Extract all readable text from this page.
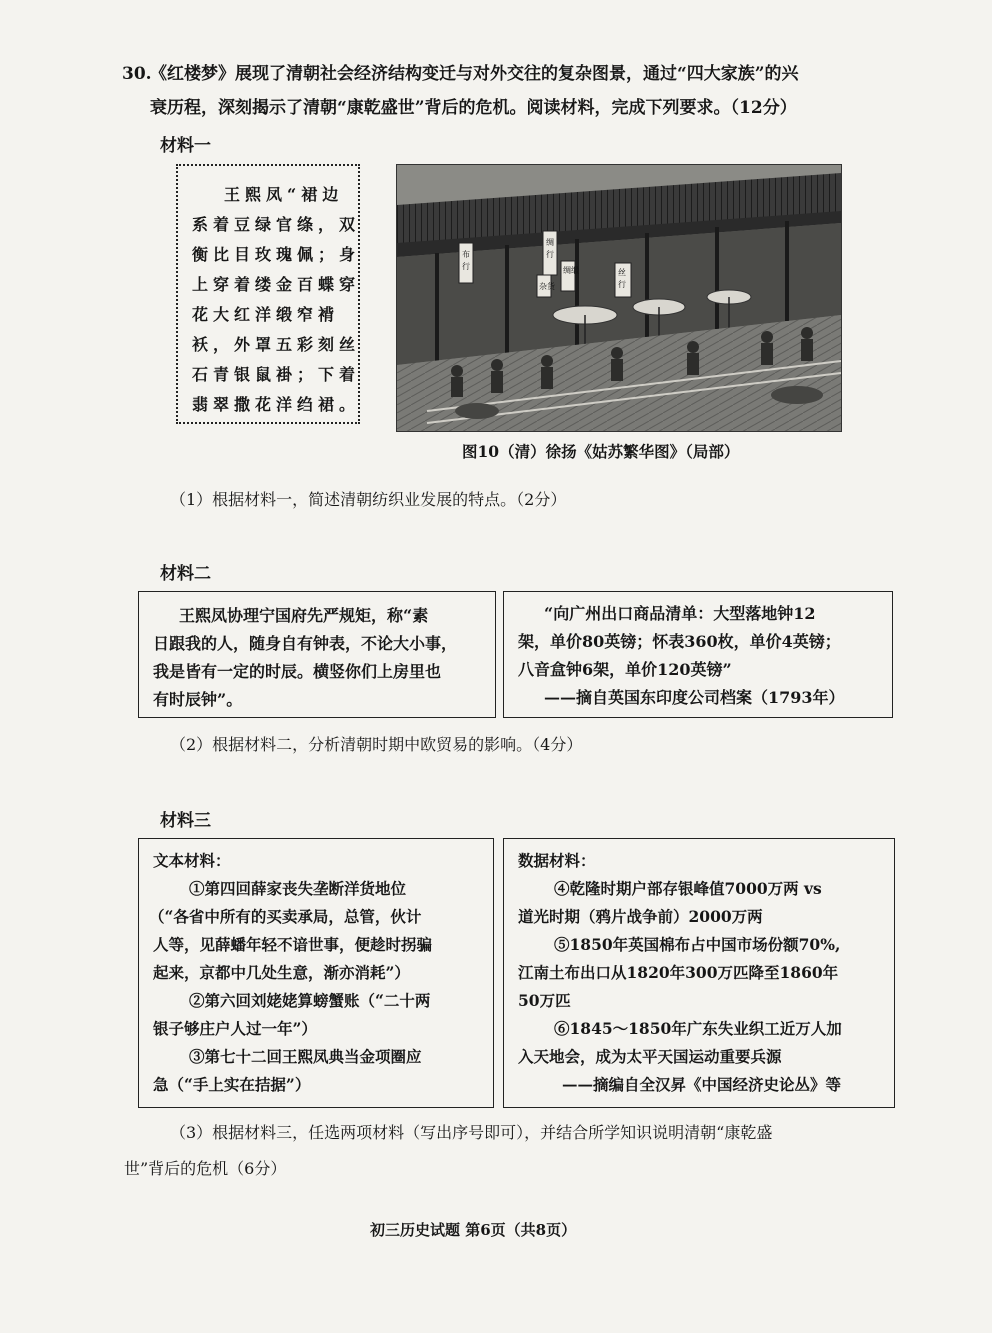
30.
《红楼梦》展现了清朝社会经济结构变迁与对外交往的复杂图景，通过“四大家族”的兴
衰历程，深刻揭示了清朝“康乾盛世”背后的危机。阅读材料，完成下列要求。（12分）
材料一
王熙凤“裙边
系着豆绿官绦，双
衡比目玫瑰佩；身
上穿着缕金百蝶穿
花大红洋缎窄褙
袄，外罩五彩刻丝
石青银鼠褂；下着
翡翠撒花洋绉裙。
布
行
绸
行
绸缎
杂货
丝
行
图10（清）徐扬《姑苏繁华图》（局部）
（1）根据材料一，简述清朝纺织业发展的特点。（2分）
材料二
王熙凤协理宁国府先严规矩，称“素
日跟我的人，随身自有钟表，不论大小事，
我是皆有一定的时辰。横竖你们上房里也
有时辰钟”。
“向广州出口商品清单：大型落地钟12
架，单价80英镑；怀表360枚，单价4英镑；
八音盒钟6架，单价120英镑”
——摘自英国东印度公司档案（1793年）
（2）根据材料二，分析清朝时期中欧贸易的影响。（4分）
材料三
文本材料：
①第四回薛家丧失垄断洋货地位
（“各省中所有的买卖承局，总管，伙计
人等，见薛蟠年轻不谙世事，便趁时拐骗
起来，京都中几处生意，渐亦消耗”）
②第六回刘姥姥算螃蟹账（“二十两
银子够庄户人过一年”）
③第七十二回王熙凤典当金项圈应
急（“手上实在拮据”）
数据材料：
④乾隆时期户部存银峰值7000万两 vs
道光时期（鸦片战争前）2000万两
⑤1850年英国棉布占中国市场份额70%,
江南土布出口从1820年300万匹降至1860年
50万匹
⑥1845～1850年广东失业织工近万人加
入天地会，成为太平天国运动重要兵源
——摘编自全汉昇《中国经济史论丛》等
（3）根据材料三，任选两项材料（写出序号即可），并结合所学知识说明清朝“康乾盛
世”背后的危机（6分）
初三历史试题 第6页（共8页）
